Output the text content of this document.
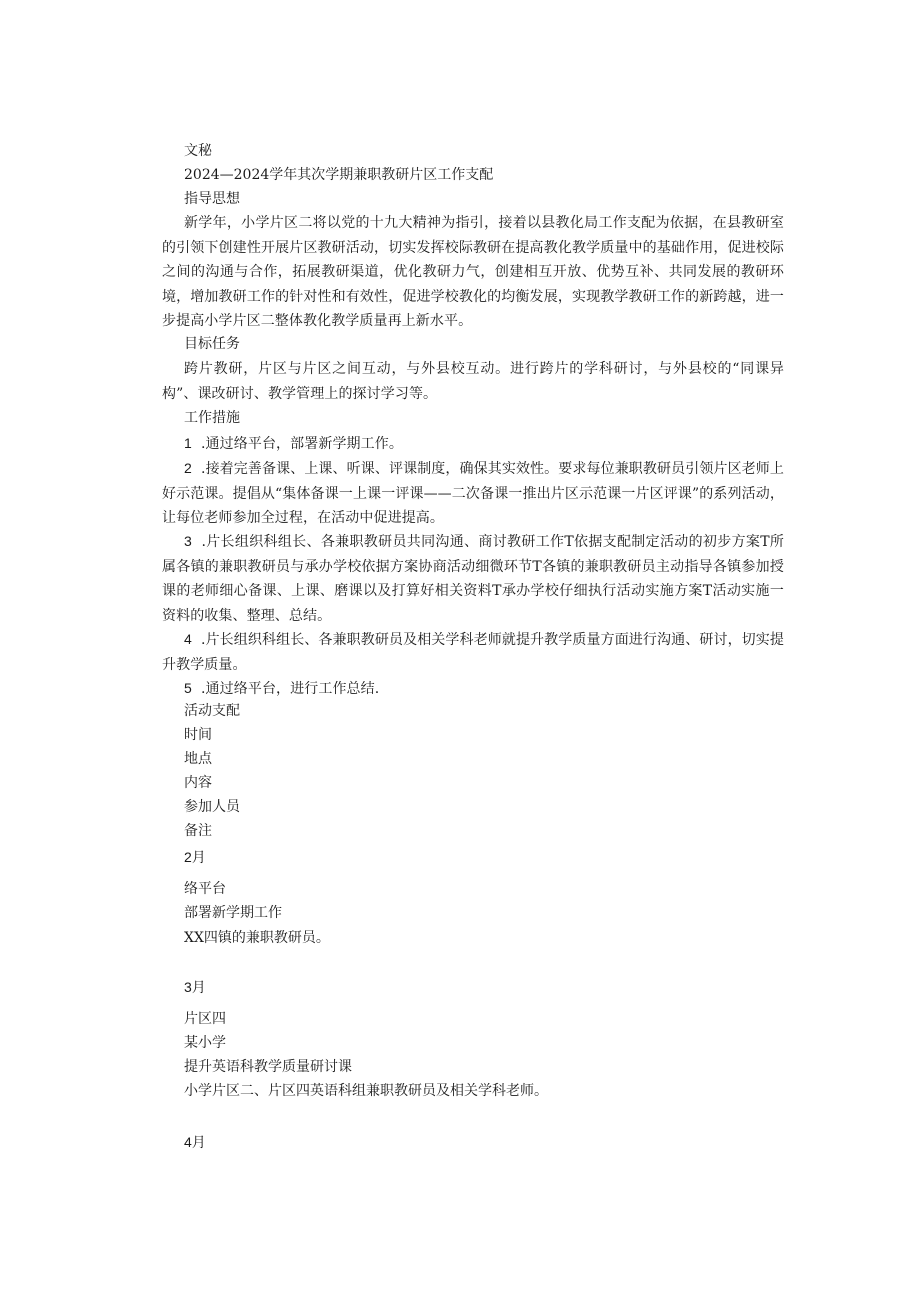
文秘

2024—2024学年其次学期兼职教研片区工作支配

指导思想

新学年，小学片区二将以党的十九大精神为指引，接着以县教化局工作支配为依据，在县教研室的引领下创建性开展片区教研活动，切实发挥校际教研在提高教化教学质量中的基础作用，促进校际之间的沟通与合作，拓展教研渠道，优化教研力气，创建相互开放、优势互补、共同发展的教研环境，增加教研工作的针对性和有效性，促进学校教化的均衡发展，实现教学教研工作的新跨越，进一步提高小学片区二整体教化教学质量再上新水平。

目标任务

跨片教研，片区与片区之间互动，与外县校互动。进行跨片的学科研讨，与外县校的“同课异构”、课改研讨、教学管理上的探讨学习等。

工作措施

1 .通过络平台，部署新学期工作。

2 .接着完善备课、上课、听课、评课制度，确保其实效性。要求每位兼职教研员引领片区老师上好示范课。提倡从“集体备课一上课一评课——二次备课一推出片区示范课一片区评课”的系列活动，让每位老师参加全过程，在活动中促进提高。

3 .片长组织科组长、各兼职教研员共同沟通、商讨教研工作T依据支配制定活动的初步方案T所属各镇的兼职教研员与承办学校依据方案协商活动细微环节T各镇的兼职教研员主动指导各镇参加授课的老师细心备课、上课、磨课以及打算好相关资料T承办学校仔细执行活动实施方案T活动实施一资料的收集、整理、总结。

4 .片长组织科组长、各兼职教研员及相关学科老师就提升教学质量方面进行沟通、研讨，切实提升教学质量。

5 .通过络平台，进行工作总结.

活动支配

时间

地点

内容

参加人员

备注

2月

络平台

部署新学期工作

XX四镇的兼职教研员。

3月

片区四

某小学

提升英语科教学质量研讨课

小学片区二、片区四英语科组兼职教研员及相关学科老师。

4月
